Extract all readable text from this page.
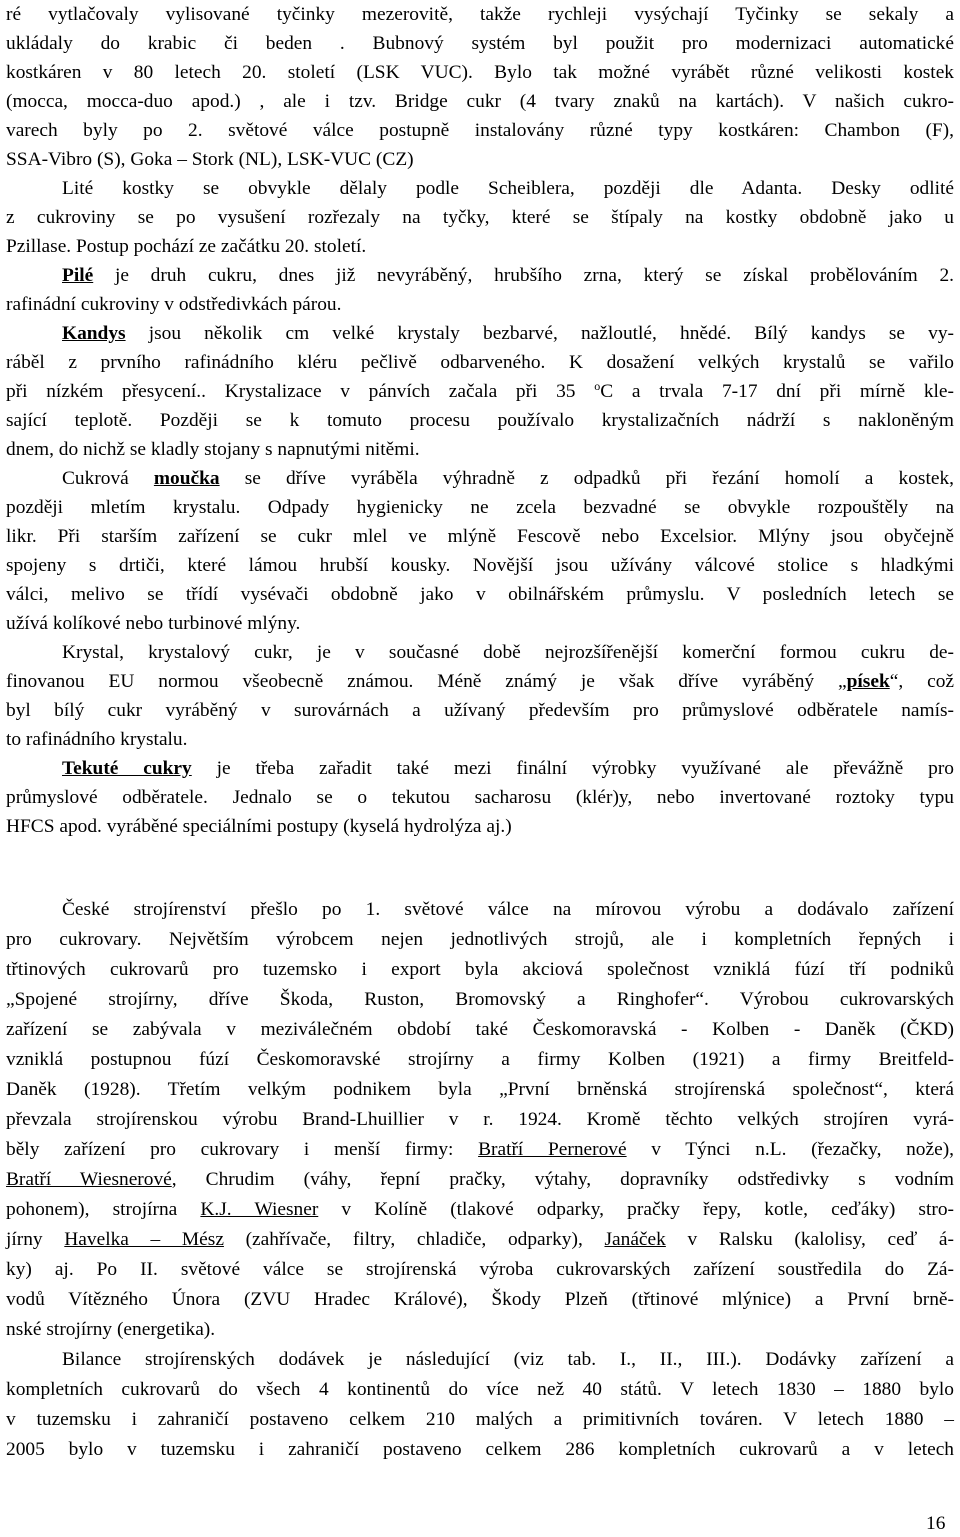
ré vytlačovaly vylisované tyčinky mezerovitě, takže rychleji vysýchají Tyčinky se sekaly a
ukládaly do krabic či beden . Bubnový systém byl použit pro modernizaci automatické
kostkáren v 80 letech 20. století (LSK VUC). Bylo tak možné vyrábět různé velikosti kostek
(mocca, mocca-duo apod.) , ale i tzv. Bridge cukr (4 tvary znaků na kartách). V našich cukro-
varech byly po 2. světové válce postupně instalovány různé typy kostkáren: Chambon (F),
SSA-Vibro (S), Goka – Stork (NL), LSK-VUC (CZ)
Lité kostky se obvykle dělaly podle Scheiblera, později dle Adanta. Desky odlité
z cukroviny se po vysušení rozřezaly na tyčky, které se štípaly na kostky obdobně jako u
Pzillase. Postup pochází ze začátku 20. století.
Pilé je druh cukru, dnes již nevyráběný, hrubšího zrna, který se získal probělováním 2.
rafinádní cukroviny v odstředivkách párou.
Kandys jsou několik cm velké krystaly bezbarvé, nažloutlé, hnědé. Bílý kandys se vy-
ráběl z prvního rafinádního kléru pečlivě odbarveného. K dosažení velkých krystalů se vařilo
při nízkém přesycení.. Krystalizace v pánvích začala při 35 $^o$C a trvala 7-17 dní při mírně kle-
sající teplotě. Později se k tomuto procesu používalo krystalizačních nádrží s nakloněným
dnem, do nichž se kladly stojany s napnutými nitěmi.
Cukrová moučka se dříve vyráběla výhradně z odpadků při řezání homolí a kostek,
později mletím krystalu. Odpady hygienicky ne zcela bezvadné se obvykle rozpouštěly na
likr. Při starším zařízení se cukr mlel ve mlýně Fescově nebo Excelsior. Mlýny jsou obyčejně
spojeny s drtiči, které lámou hrubší kousky. Novější jsou užívány válcové stolice s hladkými
válci, melivo se třídí vysévači obdobně jako v obilnářském průmyslu. V posledních letech se
užívá kolíkové nebo turbinové mlýny.
Krystal, krystalový cukr, je v současné době nejrozšířenější komerční formou cukru de-
finovanou EU normou všeobecně známou. Méně známý je však dříve vyráběný „písek“, což
byl bílý cukr vyráběný v surovárnách a užívaný především pro průmyslové odběratele namís-
to rafinádního krystalu.
Tekuté cukry je třeba zařadit také mezi finální výrobky využívané ale převážně pro
průmyslové odběratele. Jednalo se o tekutou sacharosu (klér)y, nebo invertované roztoky typu
HFCS apod. vyráběné speciálními postupy (kyselá hydrolýza aj.)
České strojírenství přešlo po 1. světové válce na mírovou výrobu a dodávalo zařízení
pro cukrovary. Největším výrobcem nejen jednotlivých strojů, ale i kompletních řepných i
třtinových cukrovarů pro tuzemsko i export byla akciová společnost vzniklá fúzí tří podniků
„Spojené strojírny, dříve Škoda, Ruston, Bromovský a Ringhofer“. Výrobou cukrovarských
zařízení se zabývala v meziválečném období také Českomoravská - Kolben - Daněk (ČKD)
vzniklá postupnou fúzí Českomoravské strojírny a firmy Kolben (1921) a firmy Breitfeld-
Daněk (1928). Třetím velkým podnikem byla „První brněnská strojírenská společnost“, která
převzala strojírenskou výrobu Brand-Lhuillier v r. 1924. Kromě těchto velkých strojíren vyrá-
běly zařízení pro cukrovary i menší firmy: Bratří Pernerové v Týnci n.L. (řezačky, nože),
Bratří Wiesnerové, Chrudim (váhy, řepní pračky, výtahy, dopravníky odstředivky s vodním
pohonem), strojírna K.J. Wiesner v Kolíně (tlakové odparky, pračky řepy, kotle, ceďáky) stro-
jírny Havelka – Mész (zahřívače, filtry, chladiče, odparky), Janáček v Ralsku (kalolisy, ceď á-
ky) aj. Po II. světové válce se strojírenská výroba cukrovarských zařízení soustředila do Zá-
vodů Vítězného Února (ZVU Hradec Králové), Škody Plzeň (třtinové mlýnice) a První brně-
nské strojírny (energetika).
Bilance strojírenských dodávek je následující (viz tab. I., II., III.). Dodávky zařízení a
kompletních cukrovarů do všech 4 kontinentů do více než 40 států. V letech 1830 – 1880 bylo
v tuzemsku i zahraničí postaveno celkem 210 malých a primitivních továren. V letech 1880 –
2005 bylo v tuzemsku i zahraničí postaveno celkem 286 kompletních cukrovarů a v letech
16
